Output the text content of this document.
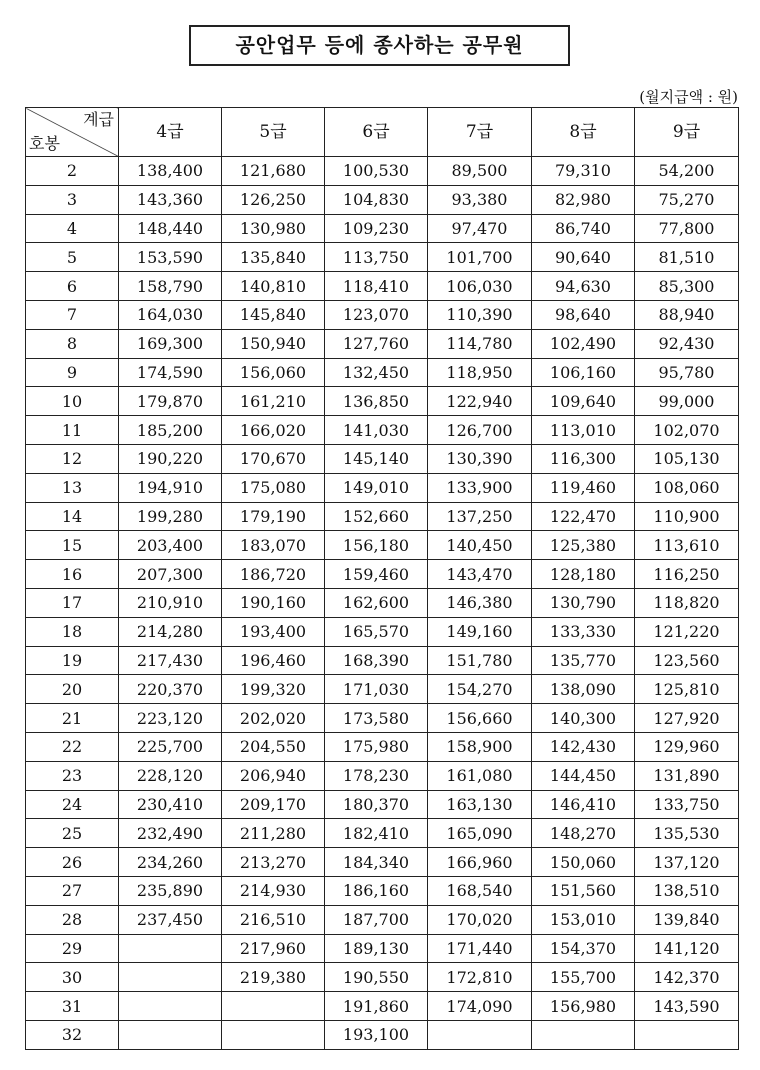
공안업무 등에 종사하는 공무원
(월지급액 : 원)
계급
호봉	4급	5급	6급	7급	8급	9급
2	138,400	121,680	100,530	89,500	79,310	54,200
3	143,360	126,250	104,830	93,380	82,980	75,270
4	148,440	130,980	109,230	97,470	86,740	77,800
5	153,590	135,840	113,750	101,700	90,640	81,510
6	158,790	140,810	118,410	106,030	94,630	85,300
7	164,030	145,840	123,070	110,390	98,640	88,940
8	169,300	150,940	127,760	114,780	102,490	92,430
9	174,590	156,060	132,450	118,950	106,160	95,780
10	179,870	161,210	136,850	122,940	109,640	99,000
11	185,200	166,020	141,030	126,700	113,010	102,070
12	190,220	170,670	145,140	130,390	116,300	105,130
13	194,910	175,080	149,010	133,900	119,460	108,060
14	199,280	179,190	152,660	137,250	122,470	110,900
15	203,400	183,070	156,180	140,450	125,380	113,610
16	207,300	186,720	159,460	143,470	128,180	116,250
17	210,910	190,160	162,600	146,380	130,790	118,820
18	214,280	193,400	165,570	149,160	133,330	121,220
19	217,430	196,460	168,390	151,780	135,770	123,560
20	220,370	199,320	171,030	154,270	138,090	125,810
21	223,120	202,020	173,580	156,660	140,300	127,920
22	225,700	204,550	175,980	158,900	142,430	129,960
23	228,120	206,940	178,230	161,080	144,450	131,890
24	230,410	209,170	180,370	163,130	146,410	133,750
25	232,490	211,280	182,410	165,090	148,270	135,530
26	234,260	213,270	184,340	166,960	150,060	137,120
27	235,890	214,930	186,160	168,540	151,560	138,510
28	237,450	216,510	187,700	170,020	153,010	139,840
29		217,960	189,130	171,440	154,370	141,120
30		219,380	190,550	172,810	155,700	142,370
31			191,860	174,090	156,980	143,590
32			193,100			
